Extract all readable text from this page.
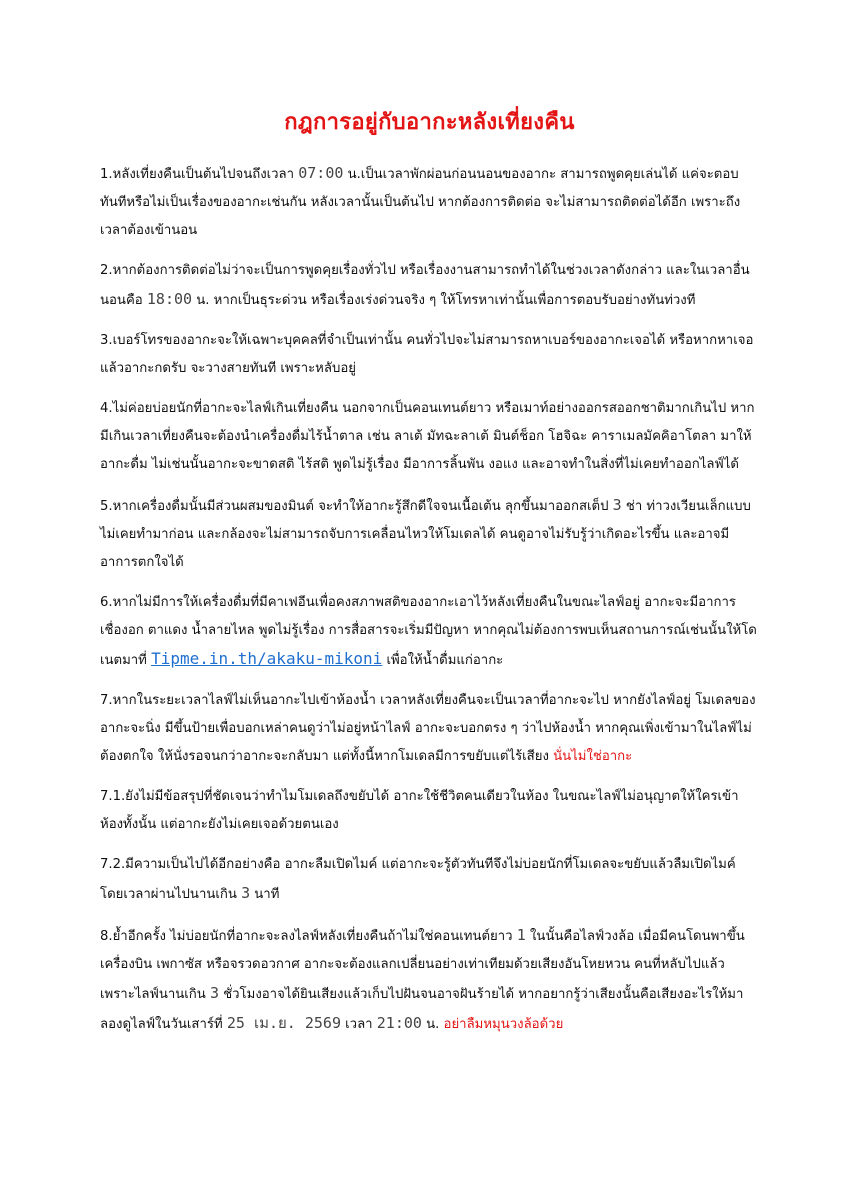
กฎการอยู่กับอากะหลังเที่ยงคืน

1.หลังเที่ยงคืนเป็นต้นไปจนถึงเวลา 07:00 น.เป็นเวลาพักผ่อนก่อนนอนของอากะ สามารถพูดคุยเล่นได้ แค่จะตอบทันทีหรือไม่เป็นเรื่องของอากะเช่นกัน หลังเวลานั้นเป็นต้นไป หากต้องการติดต่อ จะไม่สามารถติดต่อได้อีก เพราะถึงเวลาต้องเข้านอน

2.หากต้องการติดต่อไม่ว่าจะเป็นการพูดคุยเรื่องทั่วไป หรือเรื่องงานสามารถทำได้ในช่วงเวลาดังกล่าว และในเวลาอื่นนอนคือ 18:00 น. หากเป็นธุระด่วน หรือเรื่องเร่งด่วนจริง ๆ ให้โทรหาเท่านั้นเพื่อการตอบรับอย่างทันท่วงที

3.เบอร์โทรของอากะจะให้เฉพาะบุคคลที่จำเป็นเท่านั้น คนทั่วไปจะไม่สามารถหาเบอร์ของอากะเจอได้ หรือหากหาเจอแล้วอากะกดรับ จะวางสายทันที เพราะหลับอยู่

4.ไม่ค่อยบ่อยนักที่อากะจะไลฟ์เกินเที่ยงคืน นอกจากเป็นคอนเทนต์ยาว หรือเมาท์อย่างออกรสออกชาติมากเกินไป หากมีเกินเวลาเที่ยงคืนจะต้องนำเครื่องดื่มไร้น้ำตาล เช่น ลาเต้ มัทฉะลาเต้ มินต์ช็อก โฮจิฉะ คาราเมลมัคคิอาโตลา มาให้อากะดื่ม ไม่เช่นนั้นอากะจะขาดสติ ไร้สติ พูดไม่รู้เรื่อง มีอาการลิ้นพัน งอแง และอาจทำในสิ่งที่ไม่เคยทำออกไลฟ์ได้

5.หากเครื่องดื่มนั้นมีส่วนผสมของมินต์ จะทำให้อากะรู้สึกดีใจจนเนื้อเต้น ลุกขึ้นมาออกสเต็ป 3 ช่า ท่าวงเวียนเล็กแบบไม่เคยทำมาก่อน และกล้องจะไม่สามารถจับการเคลื่อนไหวให้โมเดลได้ คนดูอาจไม่รับรู้ว่าเกิดอะไรขึ้น และอาจมีอาการตกใจได้

6.หากไม่มีการให้เครื่องดื่มที่มีคาเฟอีนเพื่อคงสภาพสติของอากะเอาไว้หลังเที่ยงคืนในขณะไลฟ์อยู่ อากะจะมีอาการเชื่องอก ตาแดง น้ำลายไหล พูดไม่รู้เรื่อง การสื่อสารจะเริ่มมีปัญหา หากคุณไม่ต้องการพบเห็นสถานการณ์เช่นนั้นให้โดเนตมาที่ Tipme.in.th/akaku-mikoni เพื่อให้น้ำดื่มแก่อากะ

7.หากในระยะเวลาไลฟ์ไม่เห็นอากะไปเข้าห้องน้ำ เวลาหลังเที่ยงคืนจะเป็นเวลาที่อากะจะไป หากยังไลฟ์อยู่ โมเดลของอากะจะนิ่ง มีขึ้นป้ายเพื่อบอกเหล่าคนดูว่าไม่อยู่หน้าไลฟ์ อากะจะบอกตรง ๆ ว่าไปห้องน้ำ หากคุณเพิ่งเข้ามาในไลฟ์ไม่ต้องตกใจ ให้นั่งรอจนกว่าอากะจะกลับมา แต่ทั้งนี้หากโมเดลมีการขยับแต่ไร้เสียง นั่นไม่ใช่อากะ

7.1.ยังไม่มีข้อสรุปที่ชัดเจนว่าทำไมโมเดลถึงขยับได้ อากะใช้ชีวิตคนเดียวในห้อง ในขณะไลฟ์ไม่อนุญาตให้ใครเข้าห้องทั้งนั้น แต่อากะยังไม่เคยเจอด้วยตนเอง

7.2.มีความเป็นไปได้อีกอย่างคือ อากะลืมเปิดไมค์ แต่อากะจะรู้ตัวทันทีจึงไม่บ่อยนักที่โมเดลจะขยับแล้วลืมเปิดไมค์โดยเวลาผ่านไปนานเกิน 3 นาที

8.ย้ำอีกครั้ง ไม่บ่อยนักที่อากะจะลงไลฟ์หลังเที่ยงคืนถ้าไม่ใช่คอนเทนต์ยาว 1 ในนั้นคือไลฟ์วงล้อ เมื่อมีคนโดนพาขึ้นเครื่องบิน เพกาซัส หรือจรวดอวกาศ อากะจะต้องแลกเปลี่ยนอย่างเท่าเทียมด้วยเสียงอันโหยหวน คนที่หลับไปแล้วเพราะไลฟ์นานเกิน 3 ชั่วโมงอาจได้ยินเสียงแล้วเก็บไปฝันจนอาจฝันร้ายได้ หากอยากรู้ว่าเสียงนั้นคือเสียงอะไรให้มาลองดูไลฟ์ในวันเสาร์ที่ 25 เม.ย. 2569 เวลา 21:00 น. อย่าลืมหมุนวงล้อด้วย
